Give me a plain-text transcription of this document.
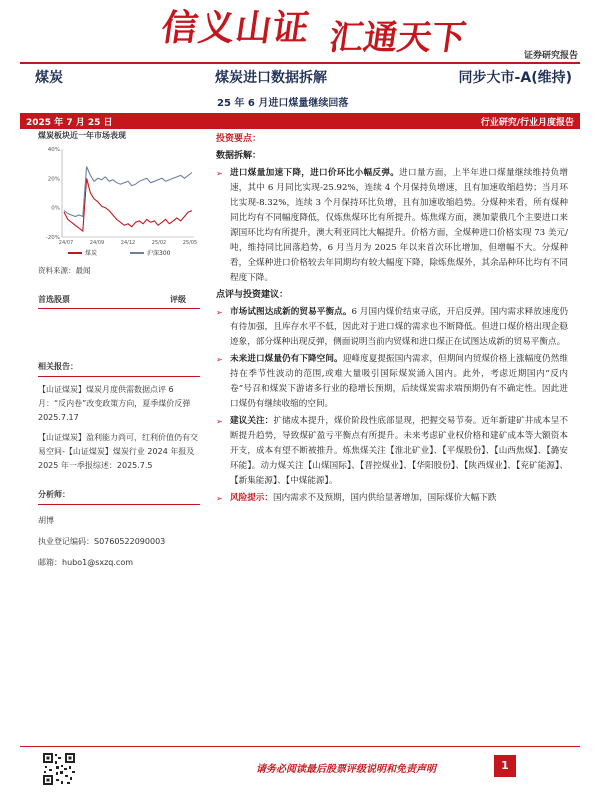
信义山证 汇通天下	证券研究报告
煤炭	煤炭进口数据拆解	同步大市-A(维持)
25 年 6 月进口煤量继续回落
2025 年 7 月 25 日	行业研究/行业月度报告
煤炭板块近一年市场表现
40%
20%
0%
-20%
24/07	24/09	24/12	25/02	25/05
煤炭	沪深300
资料来源：最闻
首选股票	评级
相关报告：
【山证煤炭】煤炭月度供需数据点评 6 月：“反内卷”改变政策方向，夏季煤价反弹 2025.7.17
【山证煤炭】盈利能力尚可，红利价值仍有交易空间-【山证煤炭】煤炭行业 2024 年报及 2025 年一季报综述：2025.7.5
分析师：
胡博
执业登记编码：S0760522090003
邮箱：hubo1@sxzq.com
投资要点：
数据拆解：
➢ 进口煤量加速下降，进口价环比小幅反弹。进口量方面，上半年进口煤量继续维持负增速，其中 6 月同比实现-25.92%，连续 4 个月保持负增速，且有加速收缩趋势；当月环比实现-8.32%，连续 3 个月保持环比负增，且有加速收缩趋势。分煤种来看，所有煤种同比均有不同幅度降低，仅炼焦煤环比有所提升。炼焦煤方面，澳加蒙俄几个主要进口来源国环比均有所提升，澳大利亚同比大幅提升。价格方面，全煤种进口价格实现 73 美元/吨，维持同比回落趋势，6 月当月为 2025 年以来首次环比增加，但增幅不大。分煤种看，全煤种进口价格较去年同期均有较大幅度下降，除炼焦煤外，其余品种环比均有不同程度下降。
点评与投资建议：
➢ 市场试图达成新的贸易平衡点。6 月国内煤价结束寻底，开启反弹。国内需求释放速度仍有待加强，且库存水平不低，因此对于进口煤的需求也不断降低。但进口煤价格出现企稳迹象，部分煤种出现反弹，侧面说明当前内贸煤和进口煤正在试图达成新的贸易平衡点。
➢ 未来进口煤量仍有下降空间。迎峰度夏提振国内需求，但期间内贸煤价格上涨幅度仍然维持在季节性波动的范围,或难大量吸引国际煤炭涌入国内。此外，考虑近期国内“反内卷”号召和煤炭下游诸多行业的稳增长预期，后续煤炭需求端预期仍有不确定性。因此进口煤仍有继续收缩的空间。
➢ 建议关注：扩储成本提升，煤价阶段性底部显现，把握交易节奏。近年新建矿井成本呈不断提升趋势，导致煤矿盈亏平衡点有所提升。未来考虑矿业权价格和建矿成本等大额资本开支，成本有望不断被推升。炼焦煤关注【淮北矿业】、【平煤股份】、【山西焦煤】、【潞安环能】。动力煤关注【山煤国际】、【晋控煤业】、【华阳股份】、【陕西煤业】、【兖矿能源】、【新集能源】、【中煤能源】。
➢ 风险提示：国内需求不及预期，国内供给显著增加，国际煤价大幅下跌
请务必阅读最后股票评级说明和免责声明	1
